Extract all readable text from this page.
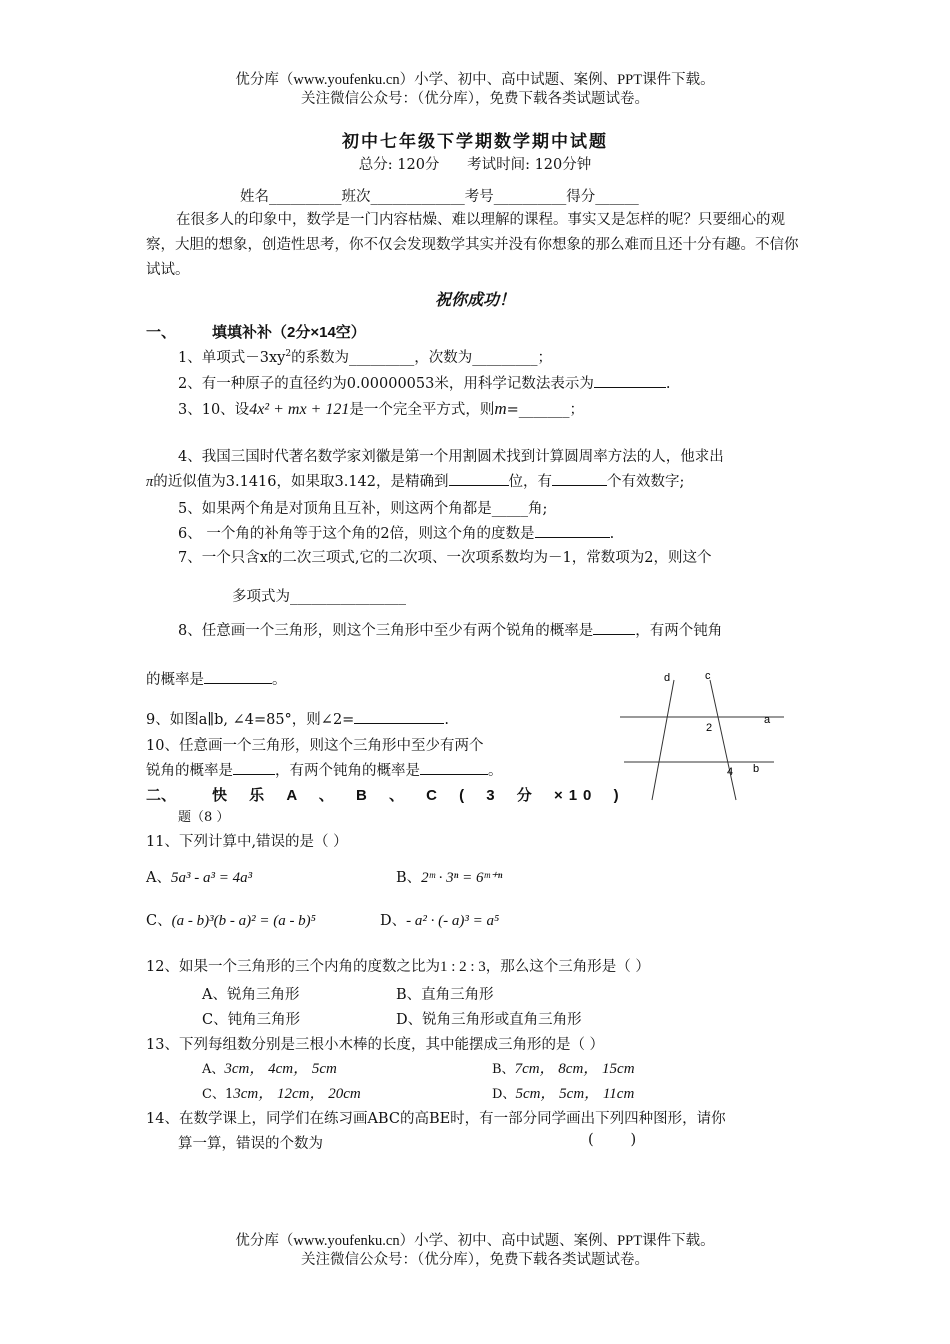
优分库（www.youfenku.cn）小学、初中、高中试题、案例、PPT课件下载。
关注微信公众号：（优分库），免费下载各类试题试卷。
初中七年级下学期数学期中试题
总分: 120分      考试时间: 120分钟
姓名__________班次_____________考号__________得分______
在很多人的印象中，数学是一门内容枯燥、难以理解的课程。事实又是怎样的呢？只要细心的观察，大胆的想象，创造性思考，你不仅会发现数学其实并没有你想象的那么难而且还十分有趣。不信你试试。
祝你成功！
一、 填填补补（2分×14空）
1、单项式$-3xy^2$的系数为_________，次数为_________；
2、有一种原子的直径约为0.00000053米，用科学记数法表示为	.
3、10、设4x² + mx + 121是一个完全平方式，则m=_______；
4、我国三国时代著名数学家刘徽是第一个用割圆术找到计算圆周率方法的人，他求出
π的近似值为3.1416，如果取3.142，是精确到	位，有	个有效数字;
5、如果两个角是对顶角且互补，则这两个角都是_____角;
6、 一个角的补角等于这个角的2倍，则这个角的度数是	.
7、一个只含x的二次三项式,它的二次项、一次项系数均为－1，常数项为2，则这个
多项式为________________
8、任意画一个三角形，则这个三角形中至少有两个锐角的概率是	，有两个钝角
的概率是	。
9、如图a∥b, ∠4=85°，则∠2=	.
10、任意画一个三角形，则这个三角形中至少有两个
锐角的概率是	，有两个钝角的概率是	。
d	c
a
b
2
4
二、 快 乐 A 、 B 、 C ( 3 分 ×10 )
题（8 ）
11、下列计算中,错误的是（ ）
A、5a³ - a³ = 4a³	B、2ᵐ · 3ⁿ = 6ᵐ⁺ⁿ
C、(a - b)³(b - a)² = (a - b)⁵	D、- a² · (- a)³ = a⁵
12、如果一个三角形的三个内角的度数之比为1 : 2 : 3，那么这个三角形是（ ）
A、锐角三角形	B、直角三角形
C、钝角三角形	D、锐角三角形或直角三角形
13、下列每组数分别是三根小木棒的长度，其中能摆成三角形的是（ ）
A、3cm， 4cm， 5cm	B、7cm， 8cm， 15cm
C、13cm， 12cm， 20cm	D、5cm， 5cm， 11cm
14、在数学课上，同学们在练习画ABC的高BE时，有一部分同学画出下列四种图形，请你
算一算，错误的个数为	(        )
优分库（www.youfenku.cn）小学、初中、高中试题、案例、PPT课件下载。
关注微信公众号：（优分库），免费下载各类试题试卷。
